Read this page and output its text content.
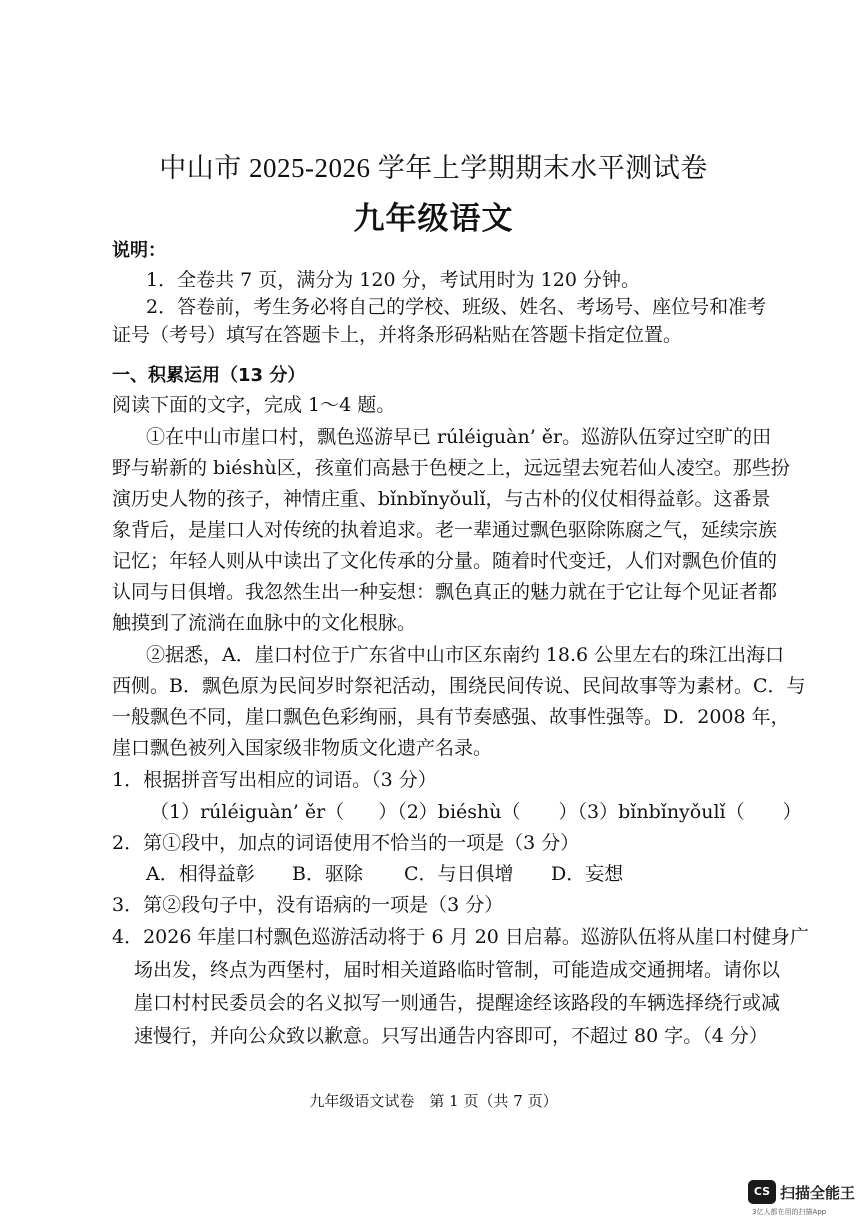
中山市 2025-2026 学年上学期期末水平测试卷
九年级语文
说明：
1．全卷共 7 页，满分为 120 分，考试用时为 120 分钟。
2．答卷前，考生务必将自己的学校、班级、姓名、考场号、座位号和准考
证号（考号）填写在答题卡上，并将条形码粘贴在答题卡指定位置。
一、积累运用（13 分）
阅读下面的文字，完成 1～4 题。
①在中山市崖口村，飘色巡游早已 rúléiguàn’ ěr。巡游队伍穿过空旷的田
野与崭新的 biéshù区，孩童们高悬于色梗之上，远远望去宛若仙人凌空。那些扮
演历史人物的孩子，神情庄重、bǐnbǐnyǒulǐ，与古朴的仪仗相得益彰。这番景
象背后，是崖口人对传统的执着追求。老一辈通过飘色驱除陈腐之气，延续宗族
记忆；年轻人则从中读出了文化传承的分量。随着时代变迁，人们对飘色价值的
认同与日俱增。我忽然生出一种妄想：飘色真正的魅力就在于它让每个见证者都
触摸到了流淌在血脉中的文化根脉。
②据悉，A．崖口村位于广东省中山市区东南约 18.6 公里左右的珠江出海口
西侧。B．飘色原为民间岁时祭祀活动，围绕民间传说、民间故事等为素材。C．与
一般飘色不同，崖口飘色色彩绚丽，具有节奏感强、故事性强等。D．2008 年，
崖口飘色被列入国家级非物质文化遗产名录。
1．根据拼音写出相应的词语。（3 分）
（1）rúléiguàn’ ěr（ ）（2）biéshù（ ）（3）bǐnbǐnyǒulǐ（ ）
2．第①段中，加点的词语使用不恰当的一项是（3 分）
A．相得益彰 B．驱除 C．与日俱增 D．妄想
3．第②段句子中，没有语病的一项是（3 分）
4．2026 年崖口村飘色巡游活动将于 6 月 20 日启幕。巡游队伍将从崖口村健身广
场出发，终点为西堡村，届时相关道路临时管制，可能造成交通拥堵。请你以
崖口村村民委员会的名义拟写一则通告，提醒途经该路段的车辆选择绕行或减
速慢行，并向公众致以歉意。只写出通告内容即可，不超过 80 字。（4 分）
九年级语文试卷　第 1 页（共 7 页）
CS 扫描全能王
3亿人都在用的扫描App
